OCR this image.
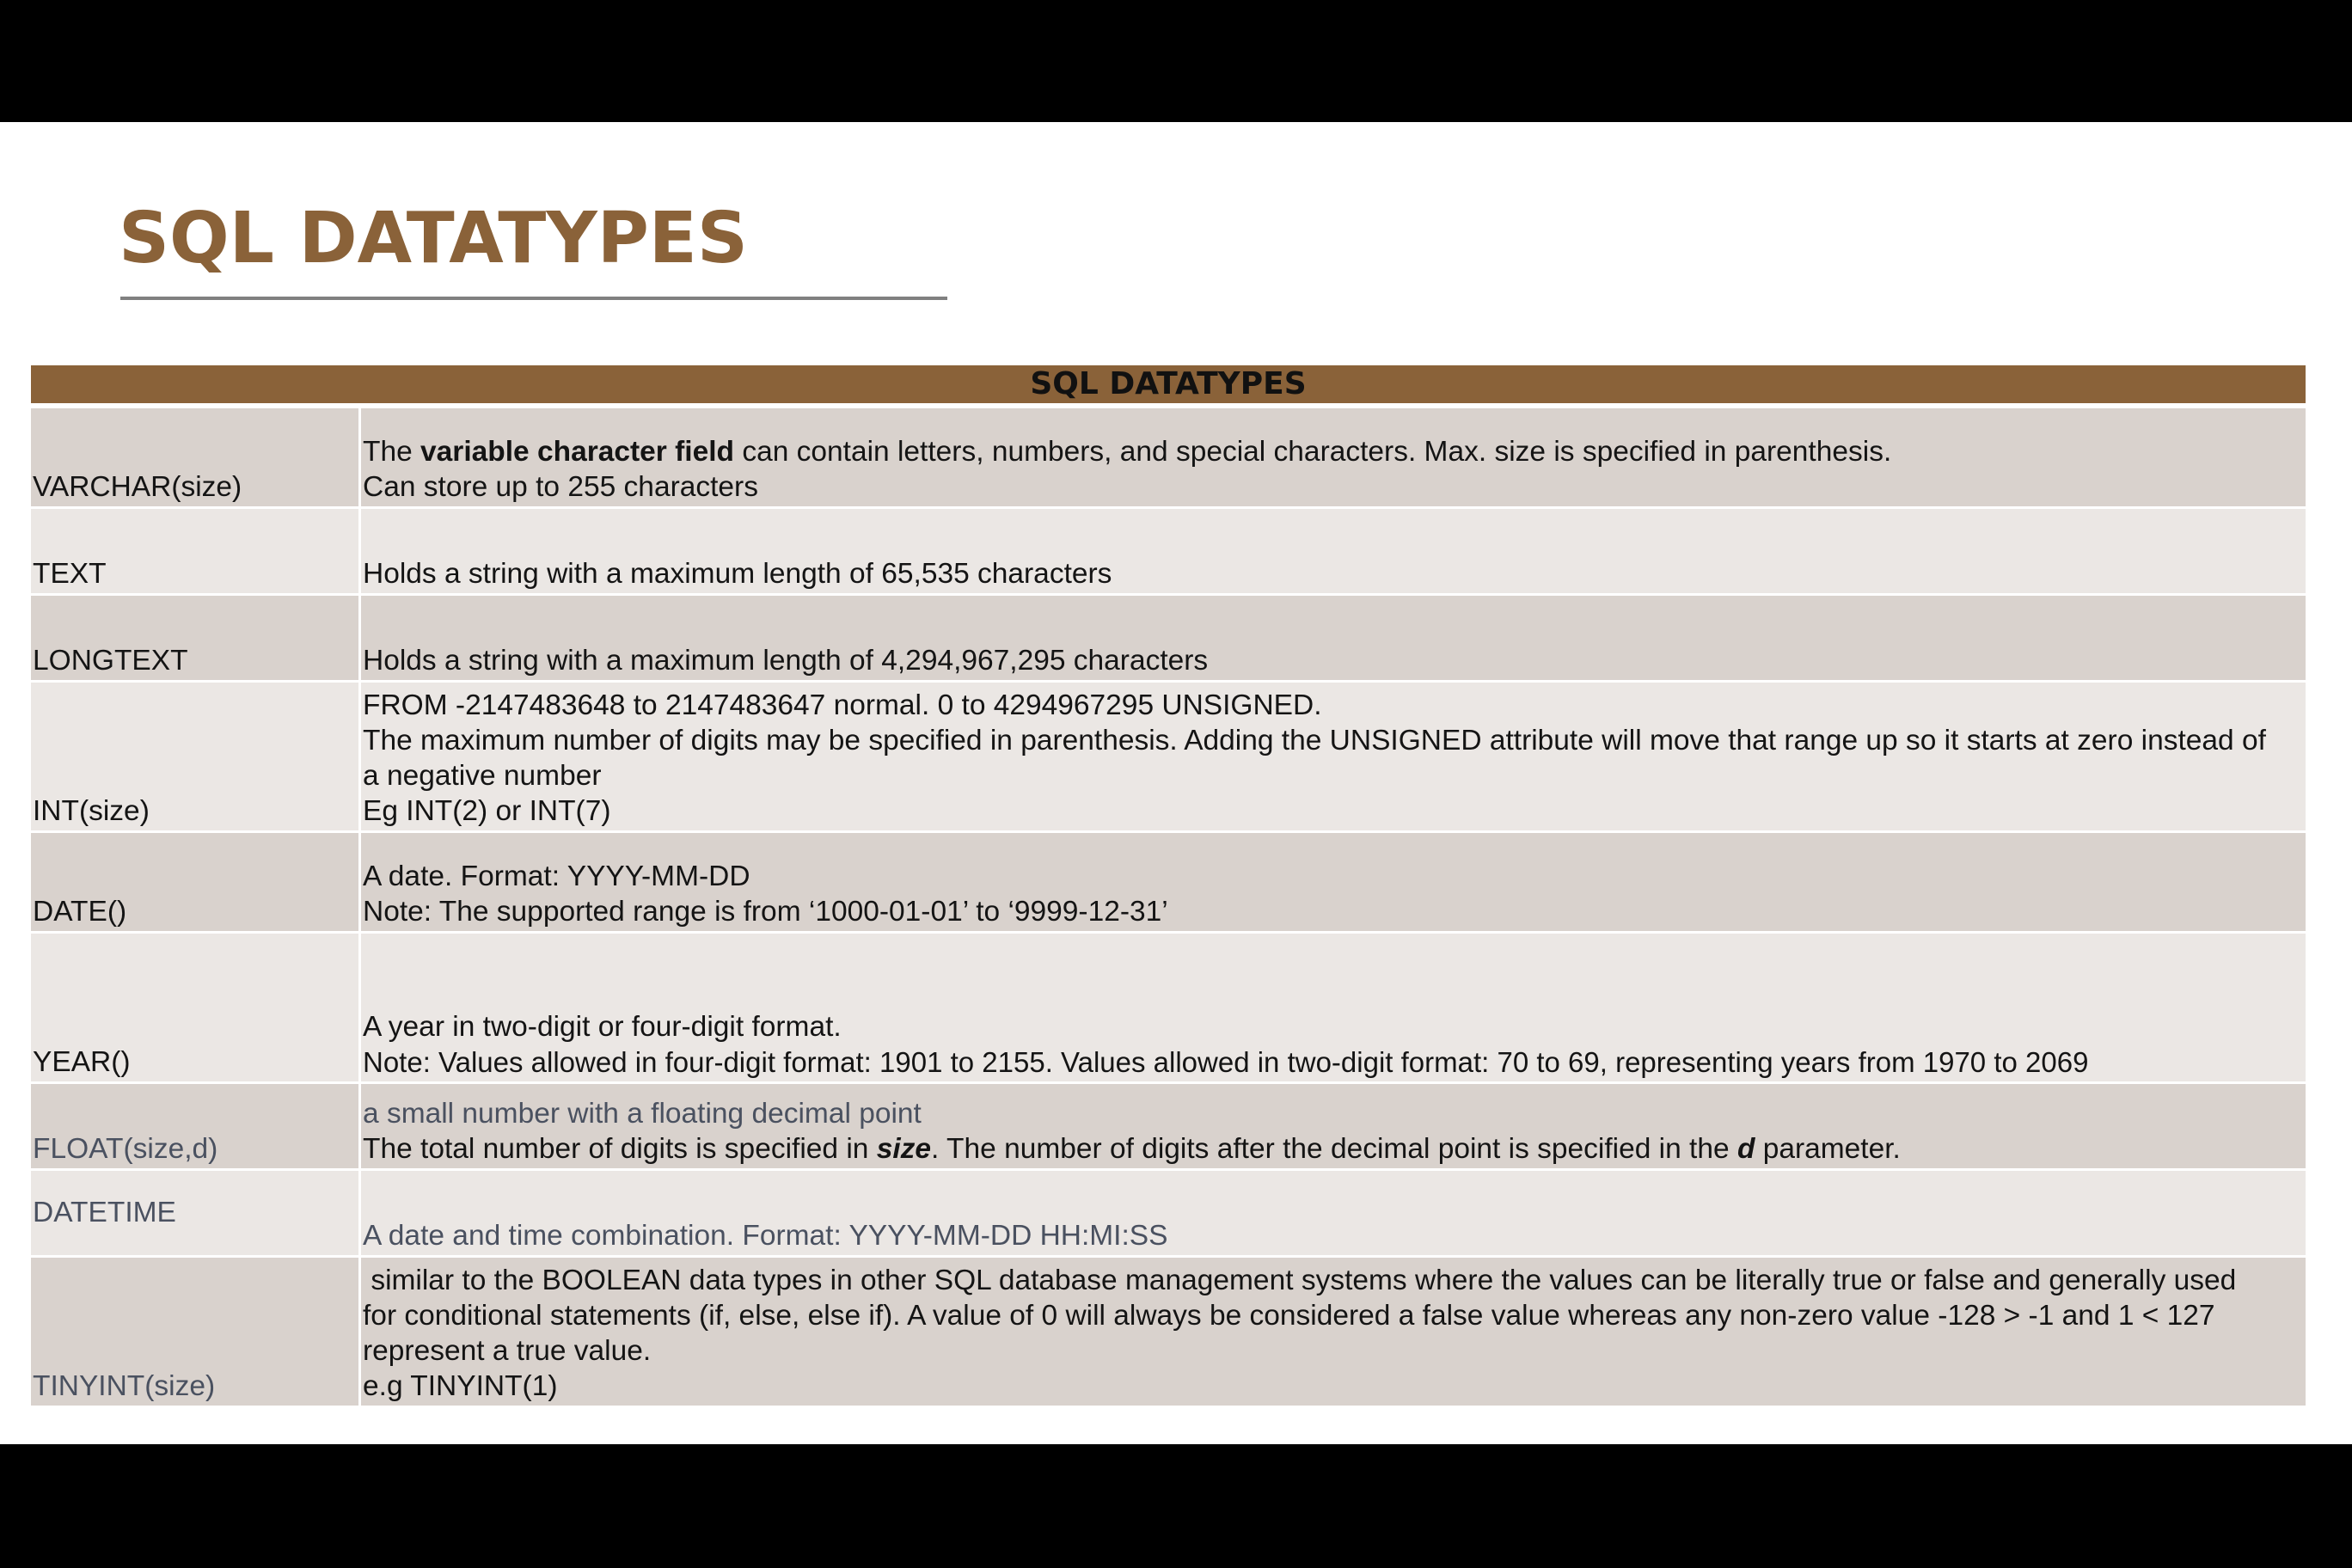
SQL DATATYPES
SQL DATATYPES
VARCHAR(size)
The variable character field can contain letters, numbers, and special characters. Max. size is specified in parenthesis.
Can store up to 255 characters
TEXT	Holds a string with a maximum length of 65,535 characters
LONGTEXT	Holds a string with a maximum length of 4,294,967,295 characters
INT(size)
FROM -2147483648 to 2147483647 normal. 0 to 4294967295 UNSIGNED.
The maximum number of digits may be specified in parenthesis. Adding the UNSIGNED attribute will move that range up so it starts at zero instead of a negative number
Eg INT(2) or INT(7)
DATE()
A date. Format: YYYY-MM-DD
Note: The supported range is from ‘1000-01-01’ to ‘9999-12-31’
YEAR()
A year in two-digit or four-digit format.
Note: Values allowed in four-digit format: 1901 to 2155. Values allowed in two-digit format: 70 to 69, representing years from 1970 to 2069
FLOAT(size,d)
a small number with a floating decimal point
The total number of digits is specified in size. The number of digits after the decimal point is specified in the d parameter.
DATETIME
A date and time combination. Format: YYYY-MM-DD HH:MI:SS
TINYINT(size)
similar to the BOOLEAN data types in other SQL database management systems where the values can be literally true or false and generally used for conditional statements (if, else, else if). A value of 0 will always be considered a false value whereas any non-zero value -128 > -1 and 1 < 127 represent a true value.
e.g TINYINT(1)
